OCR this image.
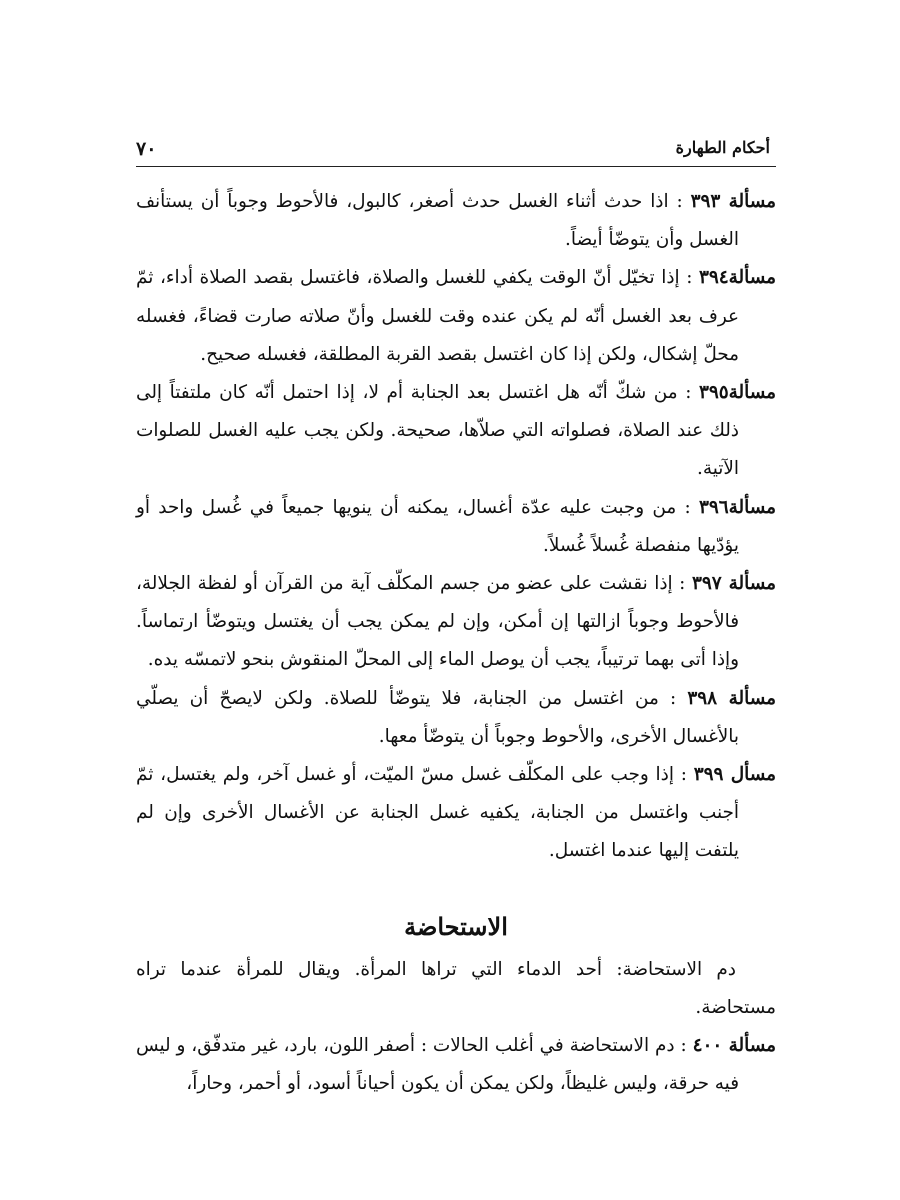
٧٠	أحكام الطهارة

مسألة ٣٩٣ : اذا حدث أثناء الغسل حدث أصغر، كالبول، فالأحوط وجوباً أن يستأنف الغسل وأن يتوضّأ أيضاً.

مسألة٣٩٤ : إذا تخيّل أنّ الوقت يكفي للغسل والصلاة، فاغتسل بقصد الصلاة أداء، ثمّ عرف بعد الغسل أنّه لم يكن عنده وقت للغسل وأنّ صلاته صارت قضاءً، فغسله محلّ إشكال، ولكن إذا كان اغتسل بقصد القربة المطلقة، فغسله صحيح.

مسألة٣٩٥ : من شكّ أنّه هل اغتسل بعد الجنابة أم لا، إذا احتمل أنّه كان ملتفتاً إلى ذلك عند الصلاة، فصلواته التي صلاّها، صحيحة. ولكن يجب عليه الغسل للصلوات الآتية.

مسألة٣٩٦ : من وجبت عليه عدّة أغسال، يمكنه أن ينويها جميعاً في غُسل واحد أو يؤدّيها منفصلة غُسلاً غُسلاً.

مسألة ٣٩٧ : إذا نقشت على عضو من جسم المكلّف آية من القرآن أو لفظة الجلالة، فالأحوط وجوباً ازالتها إن أمكن، وإن لم يمكن يجب أن يغتسل ويتوضّأ ارتماساً. وإذا أتى بهما ترتيباً، يجب أن يوصل الماء إلى المحلّ المنقوش بنحو لاتمسّه يده.

مسألة ٣٩٨ : من اغتسل من الجنابة، فلا يتوضّأ للصلاة. ولكن لايصحّ أن يصلّي بالأغسال الأخرى، والأحوط وجوباً أن يتوضّأ معها.

مسأل ٣٩٩ : إذا وجب على المكلّف غسل مسّ الميّت، أو غسل آخر، ولم يغتسل، ثمّ أجنب واغتسل من الجنابة، يكفيه غسل الجنابة عن الأغسال الأخرى وإن لم يلتفت إليها عندما اغتسل.

الاستحاضة

دم الاستحاضة: أحد الدماء التي تراها المرأة. ويقال للمرأة عندما تراه مستحاضة.

مسألة ٤٠٠ : دم الاستحاضة في أغلب الحالات : أصفر اللون، بارد، غير متدفّق، و ليس فيه حرقة، وليس غليظاً، ولكن يمكن أن يكون أحياناً أسود، أو أحمر، وحاراً،
